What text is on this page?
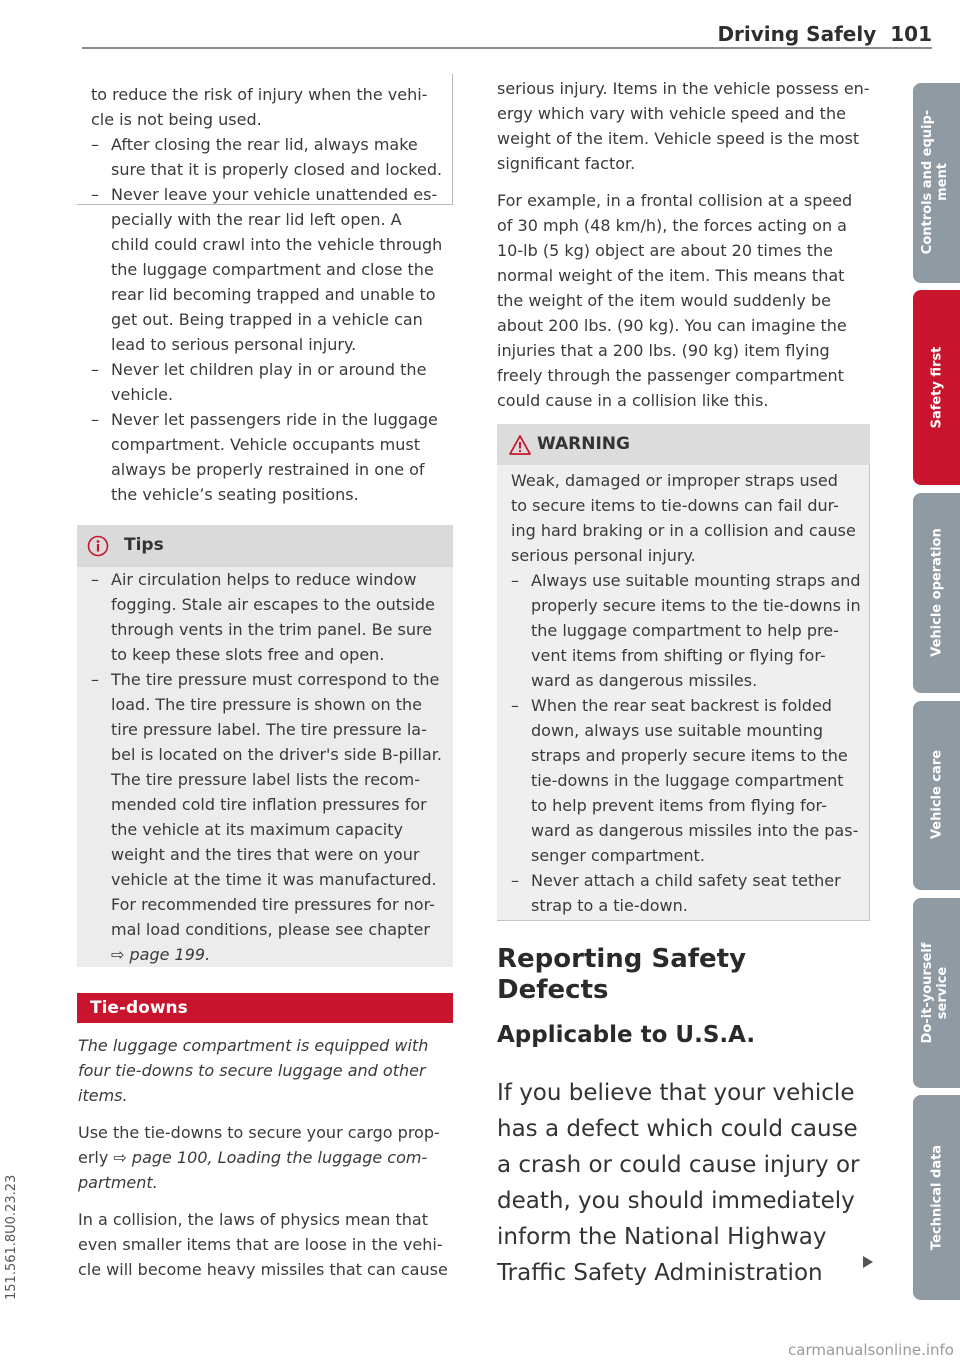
Driving Safely 101

to reduce the risk of injury when the vehi-
cle is not being used.

– After closing the rear lid, always make
sure that it is properly closed and locked.

– Never leave your vehicle unattended es-
pecially with the rear lid left open. A
child could crawl into the vehicle through
the luggage compartment and close the
rear lid becoming trapped and unable to
get out. Being trapped in a vehicle can
lead to serious personal injury.

– Never let children play in or around the
vehicle.

– Never let passengers ride in the luggage
compartment. Vehicle occupants must
always be properly restrained in one of
the vehicle’s seating positions.

Tips

– Air circulation helps to reduce window
fogging. Stale air escapes to the outside
through vents in the trim panel. Be sure
to keep these slots free and open.

– The tire pressure must correspond to the
load. The tire pressure is shown on the
tire pressure label. The tire pressure la-
bel is located on the driver's side B-pillar.
The tire pressure label lists the recom-
mended cold tire inflation pressures for
the vehicle at its maximum capacity
weight and the tires that were on your
vehicle at the time it was manufactured.
For recommended tire pressures for nor-
mal load conditions, please see chapter
⇨ page 199.

Tie-downs

The luggage compartment is equipped with
four tie-downs to secure luggage and other
items.

Use the tie-downs to secure your cargo prop-
erly ⇨ page 100, Loading the luggage com-
partment.

In a collision, the laws of physics mean that
even smaller items that are loose in the vehi-
cle will become heavy missiles that can cause

serious injury. Items in the vehicle possess en-
ergy which vary with vehicle speed and the
weight of the item. Vehicle speed is the most
significant factor.

For example, in a frontal collision at a speed
of 30 mph (48 km/h), the forces acting on a
10-lb (5 kg) object are about 20 times the
normal weight of the item. This means that
the weight of the item would suddenly be
about 200 lbs. (90 kg). You can imagine the
injuries that a 200 lbs. (90 kg) item flying
freely through the passenger compartment
could cause in a collision like this.

WARNING

Weak, damaged or improper straps used
to secure items to tie-downs can fail dur-
ing hard braking or in a collision and cause
serious personal injury.

– Always use suitable mounting straps and
properly secure items to the tie-downs in
the luggage compartment to help pre-
vent items from shifting or flying for-
ward as dangerous missiles.

– When the rear seat backrest is folded
down, always use suitable mounting
straps and properly secure items to the
tie-downs in the luggage compartment
to help prevent items from flying for-
ward as dangerous missiles into the pas-
senger compartment.

– Never attach a child safety seat tether
strap to a tie-down.

Reporting Safety
Defects
Applicable to U.S.A.
If you believe that your vehicle
has a defect which could cause
a crash or could cause injury or
death, you should immediately
inform the National Highway
Traffic Safety Administration
Controls and equip-
ment
Safety first
Vehicle operation
Vehicle care
Do-it-yourself
service
Technical data
151.561.8U0.23.23
carmanualsonline.info
